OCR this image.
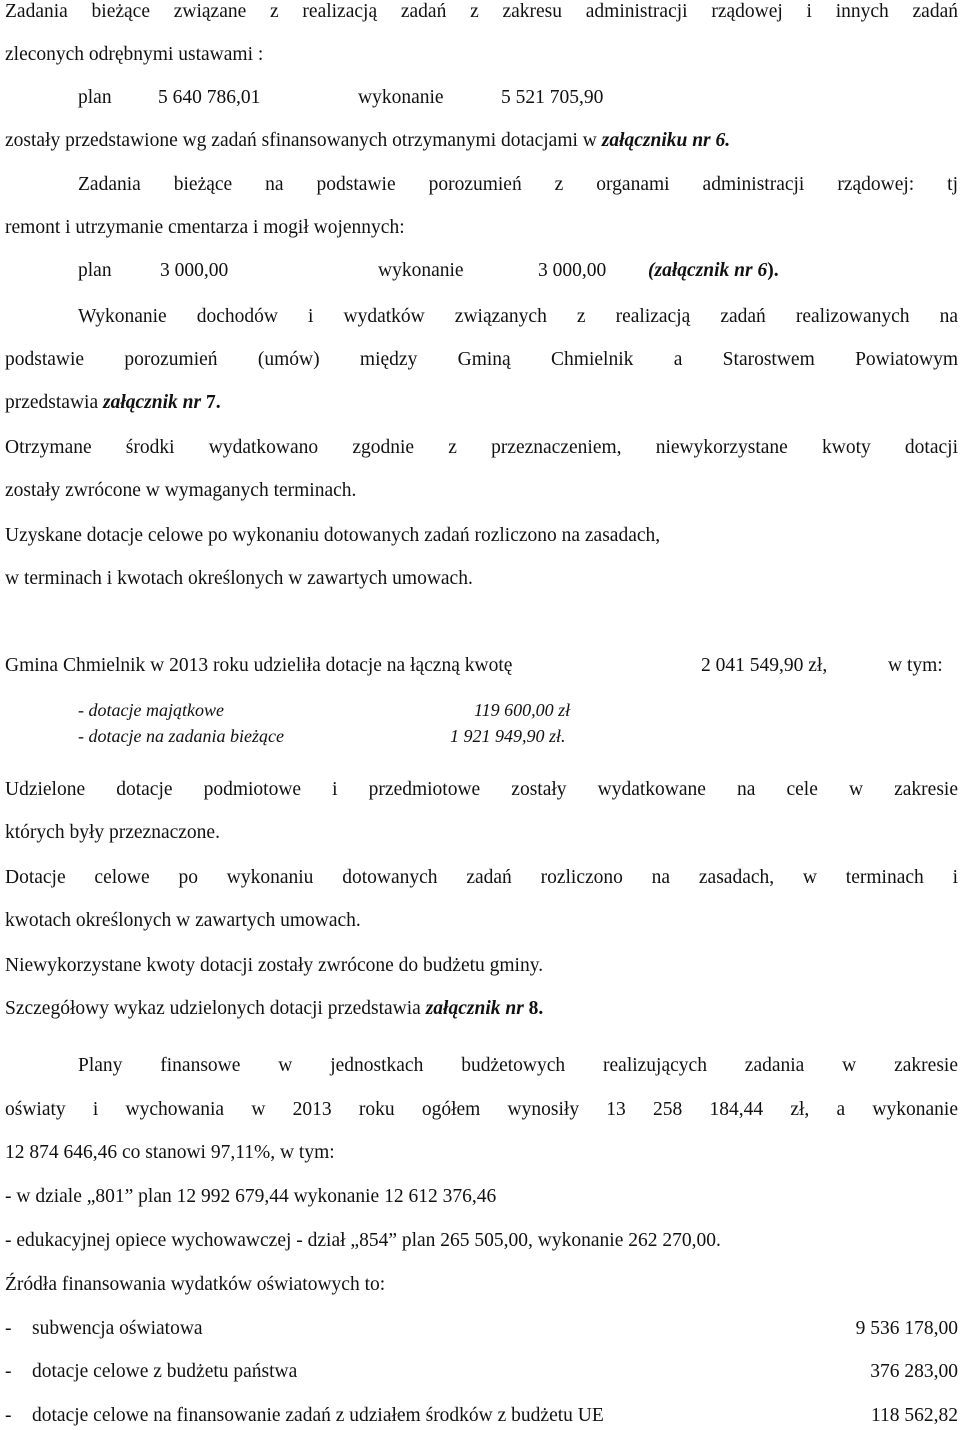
Zadania bieżące związane z realizacją zadań z zakresu administracji rządowej i innych zadań
zleconych odrębnymi ustawami :
plan 5 640 786,01	wykonanie	5 521 705,90
zostały przedstawione wg zadań sfinansowanych otrzymanymi dotacjami w załączniku nr 6.
Zadania bieżące na podstawie porozumień z organami administracji rządowej: tj
remont i utrzymanie cmentarza i mogił wojennych:
plan 3 000,00	wykonanie	3 000,00 (załącznik nr 6).
Wykonanie dochodów i wydatków związanych z realizacją zadań realizowanych na
podstawie porozumień (umów) między Gminą Chmielnik a Starostwem Powiatowym
przedstawia załącznik nr 7.
Otrzymane środki wydatkowano zgodnie z przeznaczeniem, niewykorzystane kwoty dotacji
zostały zwrócone w wymaganych terminach.
Uzyskane dotacje celowe po wykonaniu dotowanych zadań rozliczono na zasadach,
w terminach i kwotach określonych w zawartych umowach.
Gmina Chmielnik w 2013 roku udzieliła dotacje na łączną kwotę	2 041 549,90 zł,	w tym:
- dotacje majątkowe	119 600,00 zł
- dotacje na zadania bieżące	1 921 949,90 zł.
Udzielone dotacje podmiotowe i przedmiotowe zostały wydatkowane na cele w zakresie
których były przeznaczone.
Dotacje celowe po wykonaniu dotowanych zadań rozliczono na zasadach, w terminach i
kwotach określonych w zawartych umowach.
Niewykorzystane kwoty dotacji zostały zwrócone do budżetu gminy.
Szczegółowy wykaz udzielonych dotacji przedstawia załącznik nr 8.
Plany finansowe w jednostkach budżetowych realizujących zadania w zakresie
oświaty i wychowania w 2013 roku ogółem wynosiły 13 258 184,44 zł, a wykonanie
12 874 646,46 co stanowi 97,11%, w tym:
- w dziale „801” plan 12 992 679,44 wykonanie 12 612 376,46
- edukacyjnej opiece wychowawczej - dział „854” plan 265 505,00, wykonanie 262 270,00.
Źródła finansowania wydatków oświatowych to:
- subwencja oświatowa	9 536 178,00
- dotacje celowe z budżetu państwa	376 283,00
- dotacje celowe na finansowanie zadań z udziałem środków z budżetu UE	118 562,82
